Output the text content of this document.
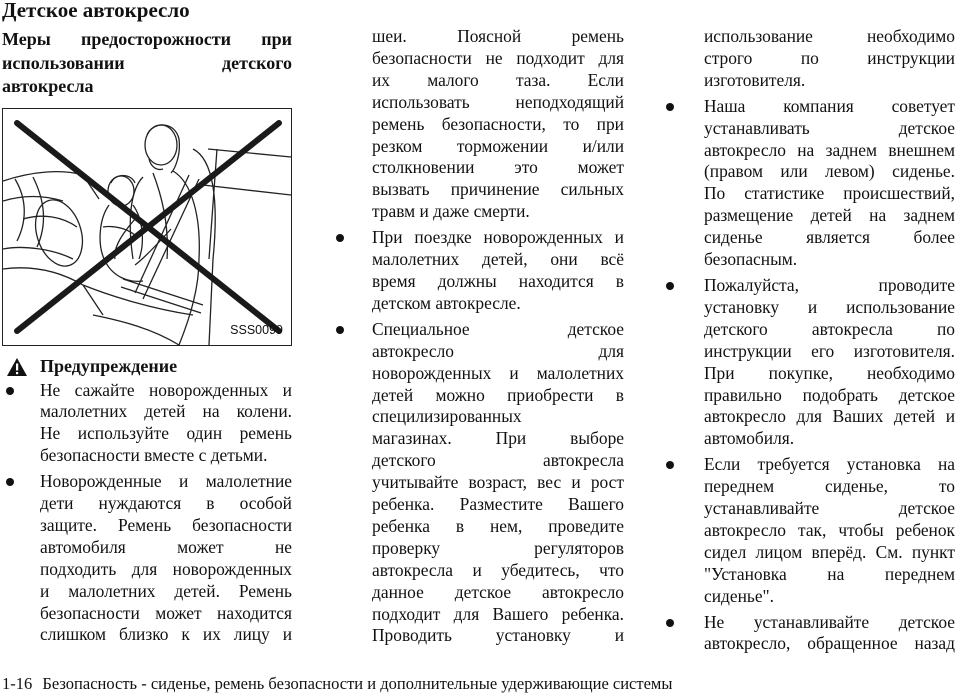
Детское автокресло
Меры предосторожности при
использовании детского
автокресла
SSS0099
Предупреждение
Не сажайте новорожденных и
малолетних детей на колени.
Не используйте один ремень
безопасности вместе с детьми.
Новорожденные и малолетние
дети нуждаются в особой
защите. Ремень безопасности
автомобиля может не
подходить для новорожденных
и малолетних детей. Ремень
безопасности может находится
слишком близко к их лицу и
шеи. Поясной ремень
безопасности не подходит для
их малого таза. Если
использовать неподходящий
ремень безопасности, то при
резком торможении и/или
столкновении это может
вызвать причинение сильных
травм и даже смерти.
При поездке новорожденных и
малолетних детей, они всё
время должны находится в
детском автокресле.
Специальное детское
автокресло для
новорожденных и малолетних
детей можно приобрести в
специлизированных
магазинах. При выборе
детского автокресла
учитывайте возраст, вес и рост
ребенка. Разместите Вашего
ребенка в нем, проведите
проверку регуляторов
автокресла и убедитесь, что
данное детское автокресло
подходит для Вашего ребенка.
Проводить установку и
использование необходимо
строго по инструкции
изготовителя.
Наша компания советует
устанавливать детское
автокресло на заднем внешнем
(правом или левом) сиденье.
По статистике происшествий,
размещение детей на заднем
сиденье является более
безопасным.
Пожалуйста, проводите
установку и использование
детского автокресла по
инструкции его изготовителя.
При покупке, необходимо
правильно подобрать детское
автокресло для Ваших детей и
автомобиля.
Если требуется установка на
переднем сиденье, то
устанавливайте детское
автокресло так, чтобы ребенок
сидел лицом вперёд. См. пункт
"Установка на переднем
сиденье".
Не устанавливайте детское
автокресло, обращенное назад
1-16 Безопасность - сиденье, ремень безопасности и дополнительные удерживающие системы
